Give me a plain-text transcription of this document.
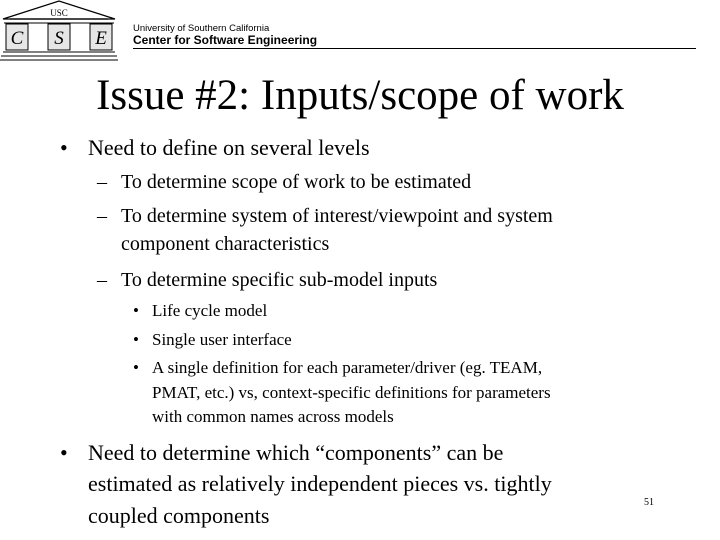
USC
C S E	University of Southern California
Center for Software Engineering
Issue #2: Inputs/scope of work
• Need to define on several levels
– To determine scope of work to be estimated
– To determine system of interest/viewpoint and system
component characteristics
– To determine specific sub-model inputs
• Life cycle model
• Single user interface
• A single definition for each parameter/driver (eg. TEAM,
PMAT, etc.) vs, context-specific definitions for parameters
with common names across models
• Need to determine which “components” can be
estimated as relatively independent pieces vs. tightly
coupled components
51
